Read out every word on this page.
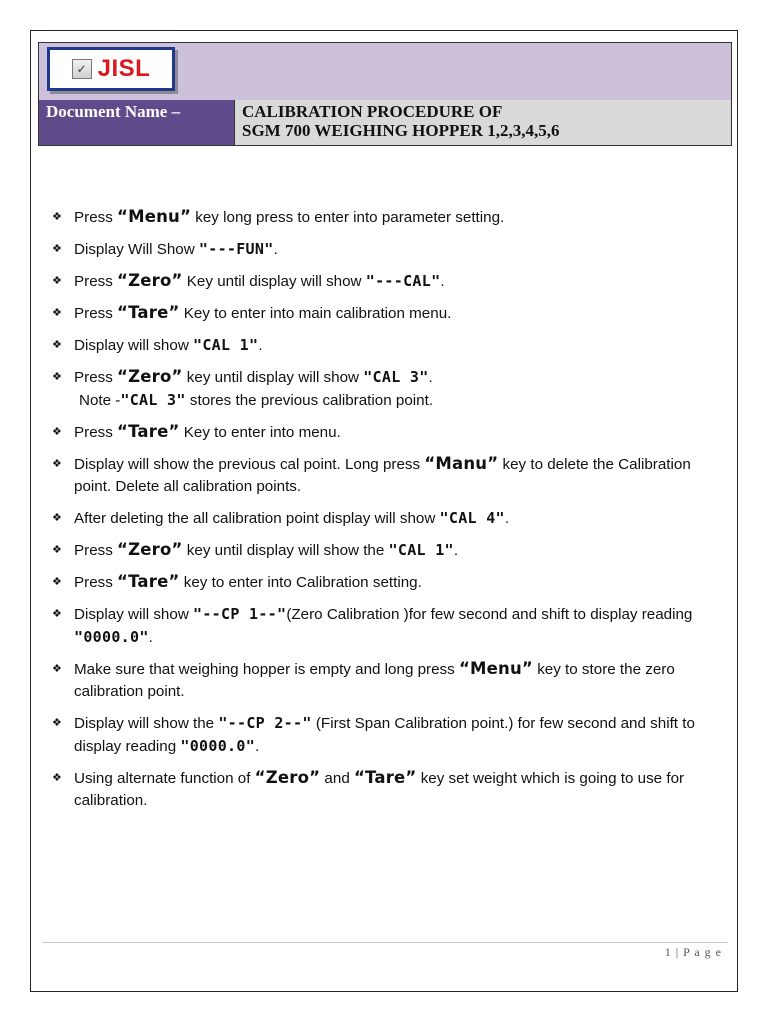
✓ JISL
Document Name –	CALIBRATION PROCEDURE OF
SGM 700 WEIGHING HOPPER 1,2,3,4,5,6
❖ Press “Menu” key long press to enter into parameter setting.
❖ Display Will Show "---FUN".
❖ Press “Zero” Key until display will show "---CAL".
❖ Press “Tare” Key to enter into main calibration menu.
❖ Display will show "CAL 1".
❖ Press “Zero” key until display will show "CAL 3".
Note -"CAL 3" stores the previous calibration point.
❖ Press “Tare” Key to enter into menu.
❖ Display will show the previous cal point. Long press “Manu” key to delete the Calibration point. Delete all calibration points.
❖ After deleting the all calibration point display will show "CAL 4".
❖ Press “Zero” key until display will show the "CAL 1".
❖ Press “Tare” key to enter into Calibration setting.
❖ Display will show "--CP 1--"(Zero Calibration )for few second and shift to display reading "0000.0".
❖ Make sure that weighing hopper is empty and long press “Menu” key to store the zero calibration point.
❖ Display will show the "--CP 2--" (First Span Calibration point.) for few second and shift to display reading "0000.0".
❖ Using alternate function of “Zero” and “Tare” key set weight which is going to use for calibration.
1 | P a g e
